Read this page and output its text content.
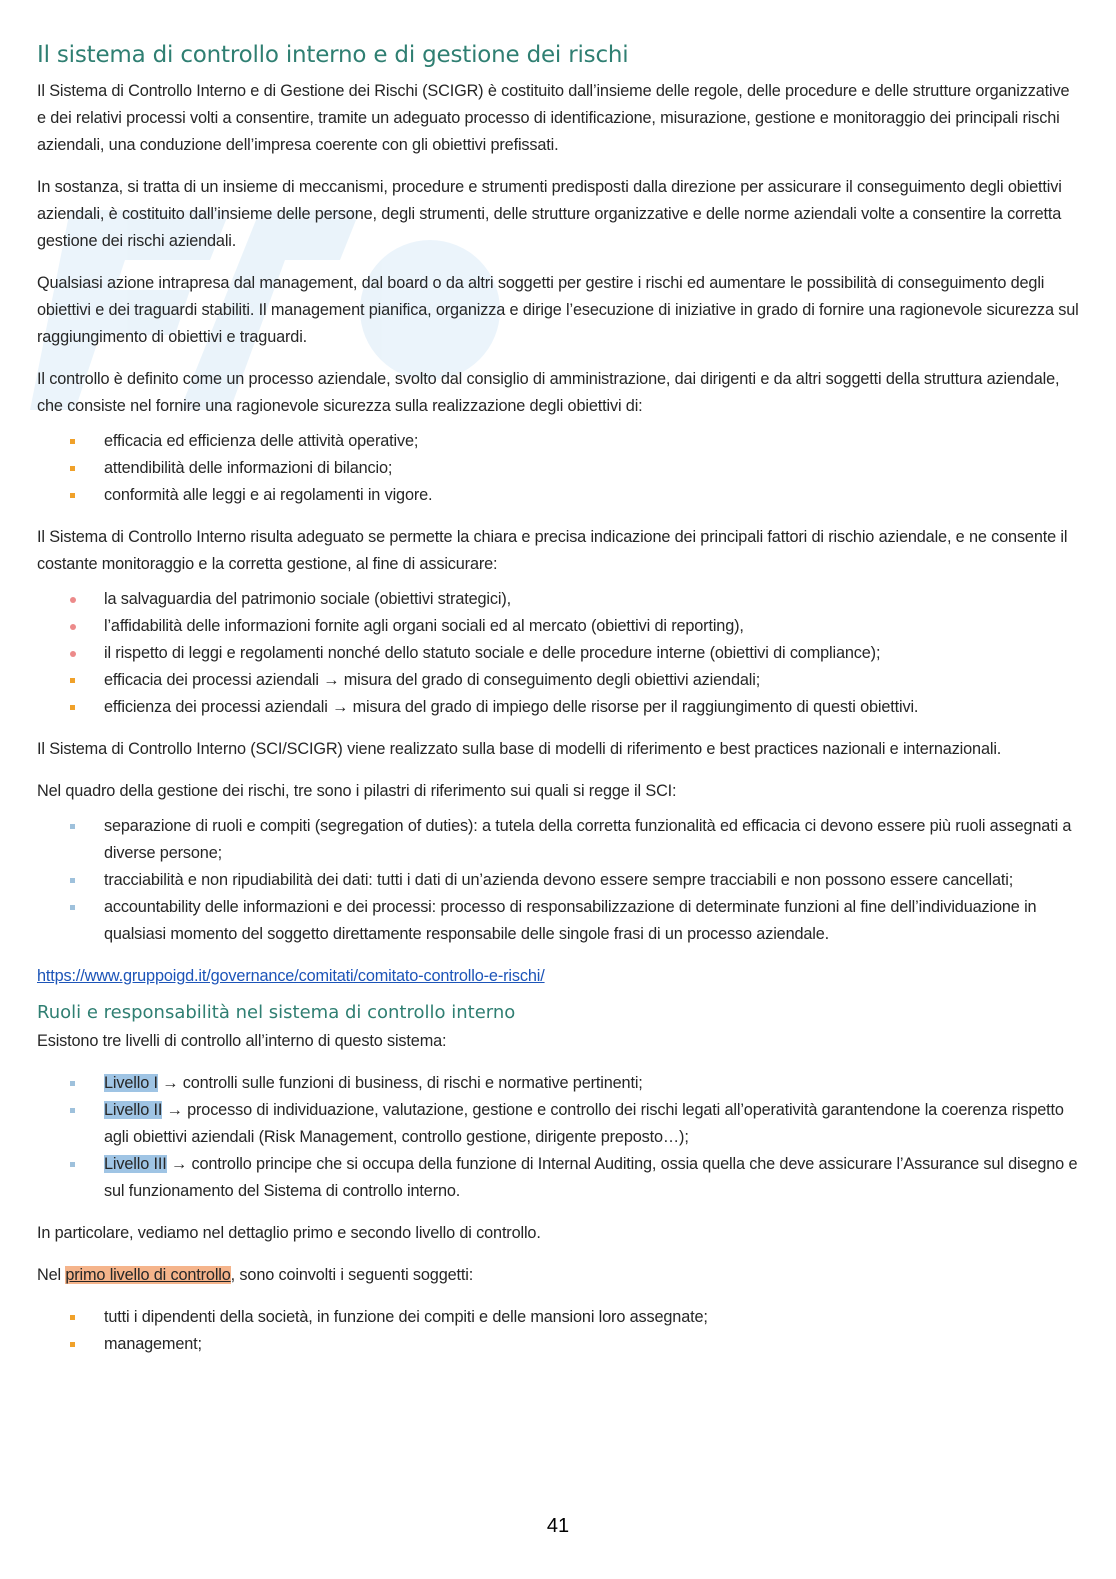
Il sistema di controllo interno e di gestione dei rischi

Il Sistema di Controllo Interno e di Gestione dei Rischi (SCIGR) è costituito dall’insieme delle regole, delle procedure e delle strutture organizzative e dei relativi processi volti a consentire, tramite un adeguato processo di identificazione, misurazione, gestione e monitoraggio dei principali rischi aziendali, una conduzione dell’impresa coerente con gli obiettivi prefissati.

In sostanza, si tratta di un insieme di meccanismi, procedure e strumenti predisposti dalla direzione per assicurare il conseguimento degli obiettivi aziendali, è costituito dall’insieme delle persone, degli strumenti, delle strutture organizzative e delle norme aziendali volte a consentire la corretta gestione dei rischi aziendali.

Qualsiasi azione intrapresa dal management, dal board o da altri soggetti per gestire i rischi ed aumentare le possibilità di conseguimento degli obiettivi e dei traguardi stabiliti. Il management pianifica, organizza e dirige l’esecuzione di iniziative in grado di fornire una ragionevole sicurezza sul raggiungimento di obiettivi e traguardi.

Il controllo è definito come un processo aziendale, svolto dal consiglio di amministrazione, dai dirigenti e da altri soggetti della struttura aziendale, che consiste nel fornire una ragionevole sicurezza sulla realizzazione degli obiettivi di:

efficacia ed efficienza delle attività operative;
attendibilità delle informazioni di bilancio;
conformità alle leggi e ai regolamenti in vigore.

Il Sistema di Controllo Interno risulta adeguato se permette la chiara e precisa indicazione dei principali fattori di rischio aziendale, e ne consente il costante monitoraggio e la corretta gestione, al fine di assicurare:

la salvaguardia del patrimonio sociale (obiettivi strategici),
l’affidabilità delle informazioni fornite agli organi sociali ed al mercato (obiettivi di reporting),
il rispetto di leggi e regolamenti nonché dello statuto sociale e delle procedure interne (obiettivi di compliance);
efficacia dei processi aziendali → misura del grado di conseguimento degli obiettivi aziendali;
efficienza dei processi aziendali → misura del grado di impiego delle risorse per il raggiungimento di questi obiettivi.

Il Sistema di Controllo Interno (SCI/SCIGR) viene realizzato sulla base di modelli di riferimento e best practices nazionali e internazionali.

Nel quadro della gestione dei rischi, tre sono i pilastri di riferimento sui quali si regge il SCI:

separazione di ruoli e compiti (segregation of duties): a tutela della corretta funzionalità ed efficacia ci devono essere più ruoli assegnati a diverse persone;
tracciabilità e non ripudiabilità dei dati: tutti i dati di un’azienda devono essere sempre tracciabili e non possono essere cancellati;
accountability delle informazioni e dei processi: processo di responsabilizzazione di determinate funzioni al fine dell’individuazione in qualsiasi momento del soggetto direttamente responsabile delle singole frasi di un processo aziendale.

https://www.gruppoigd.it/governance/comitati/comitato-controllo-e-rischi/

Ruoli e responsabilità nel sistema di controllo interno

Esistono tre livelli di controllo all’interno di questo sistema:

Livello I → controlli sulle funzioni di business, di rischi e normative pertinenti;
Livello II → processo di individuazione, valutazione, gestione e controllo dei rischi legati all’operatività garantendone la coerenza rispetto agli obiettivi aziendali (Risk Management, controllo gestione, dirigente preposto…);
Livello III → controllo principe che si occupa della funzione di Internal Auditing, ossia quella che deve assicurare l’Assurance sul disegno e sul funzionamento del Sistema di controllo interno.

In particolare, vediamo nel dettaglio primo e secondo livello di controllo.

Nel primo livello di controllo, sono coinvolti i seguenti soggetti:

tutti i dipendenti della società, in funzione dei compiti e delle mansioni loro assegnate;
management;
41
